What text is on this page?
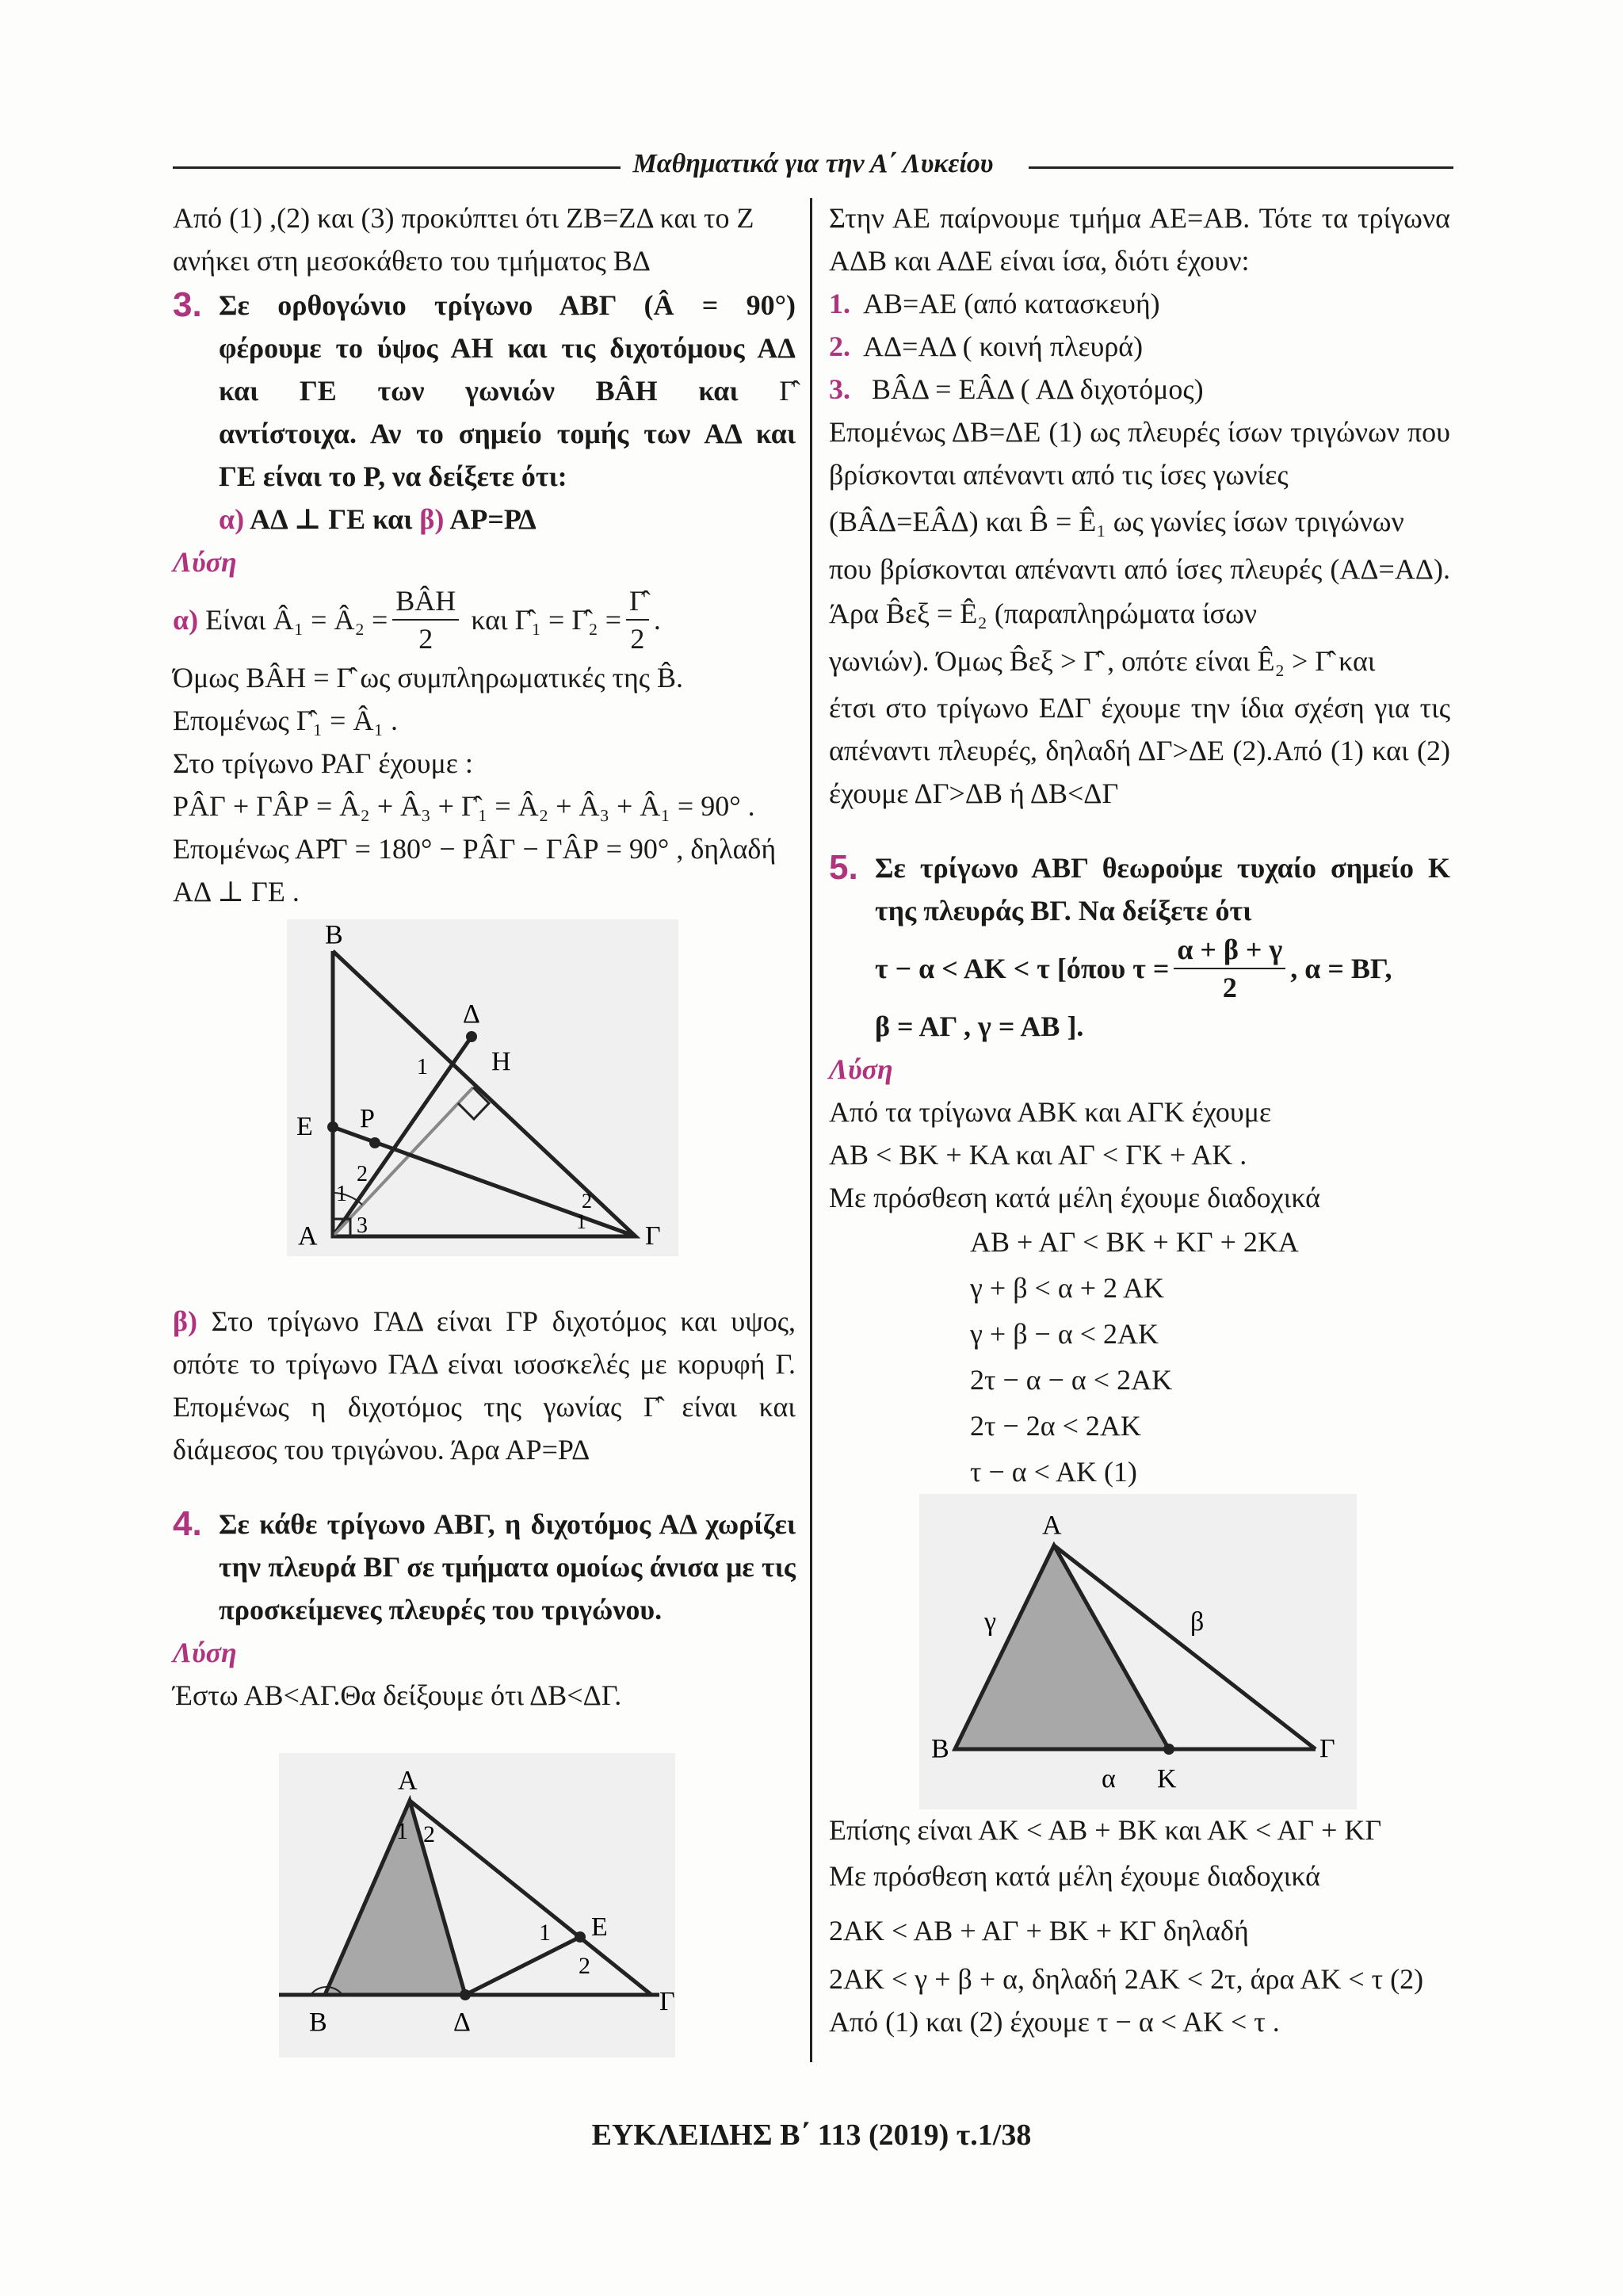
Μαθηματικά για την Α΄ Λυκείου
Από (1) ,(2) και (3) προκύπτει ότι ΖΒ=ΖΔ και το Ζ ανήκει στη μεσοκάθετο του τμήματος ΒΔ
3. Σε ορθογώνιο τρίγωνο ΑΒΓ (Â = 90°)
φέρουμε το ύψος ΑΗ και τις διχοτόμους ΑΔ
και ΓΕ των γωνιών ΒÂΗ και Γ̂
αντίστοιχα. Αν το σημείο τομής των ΑΔ και
ΓΕ είναι το Ρ, να δείξετε ότι:
α) ΑΔ ⊥ ΓΕ και β) ΑΡ=ΡΔ
Λύση
α)
Είναι Â₁ = Â₂ = $\frac{\text{ΒÂΗ}}{2}$
και Γ̂₁ = Γ̂₂ = $\frac{\Gammâ}{2}$ .
Όμως ΒÂΗ = Γ̂ ως συμπληρωματικές της B̂.
Επομένως Γ̂₁ = Â₁ .
Στο τρίγωνο ΡΑΓ έχουμε :
ΡÂΓ + ΓÂΡ = Â₂ + Â₃ + Γ̂₁ = Â₂ + Â₃ + Â₁ = 90° .
Επομένως ΑΡ̂Γ = 180° − ΡÂΓ − ΓÂΡ = 90° , δηλαδή
ΑΔ ⊥ ΓΕ .
Β
Δ
Η
Ε Ρ
Α	Γ
1
2
3	1
2
1
β) Στο τρίγωνο ΓΑΔ είναι ΓΡ διχοτόμος και υψος, οπότε το τρίγωνο ΓΑΔ είναι ισοσκελές με κορυφή Γ. Επομένως η διχοτόμος της γωνίας Γ̂ είναι και διάμεσος του τριγώνου. Άρα ΑΡ=ΡΔ
4. Σε κάθε τρίγωνο ΑΒΓ, η διχοτόμος ΑΔ χωρίζει την πλευρά ΒΓ σε τμήματα ομοίως άνισα με τις προσκείμενες πλευρές του τριγώνου.
Λύση
Έστω ΑΒ<ΑΓ.Θα δείξουμε ότι ΔΒ<ΔΓ.
Α
Β	Δ
Γ
Ε
1 2
1
2
Στην ΑΕ παίρνουμε τμήμα ΑΕ=ΑΒ. Τότε τα τρίγωνα ΑΔΒ και ΑΔΕ είναι ίσα, διότι έχουν:
1. ΑΒ=ΑΕ (από κατασκευή)
2. ΑΔ=ΑΔ ( κοινή πλευρά)
3. ΒÂΔ = ΕÂΔ ( ΑΔ διχοτόμος)
Επομένως ΔΒ=ΔΕ (1) ως πλευρές ίσων τριγώνων που βρίσκονται απέναντι από τις ίσες γωνίες
(ΒÂΔ=ΕÂΔ) και B̂ = Ê₁ ως γωνίες ίσων τριγώνων
που βρίσκονται απέναντι από ίσες πλευρές (ΑΔ=ΑΔ). Άρα B̂εξ = Ê₂ (παραπληρώματα ίσων
γωνιών). Όμως B̂εξ > Γ̂ , οπότε είναι Ê₂ > Γ̂ και
έτσι στο τρίγωνο ΕΔΓ έχουμε την ίδια σχέση για τις απέναντι πλευρές, δηλαδή ΔΓ>ΔΕ (2).Από (1) και (2) έχουμε ΔΓ>ΔΒ ή ΔΒ<ΔΓ
5. Σε τρίγωνο ΑΒΓ θεωρούμε τυχαίο σημείο Κ της πλευράς ΒΓ. Να δείξετε ότι
τ − α < ΑΚ < τ [όπου $\tau = \frac{\alpha + \beta + \gamma}{2}$ , α = ΒΓ,
β = ΑΓ , γ = ΑΒ ].
Λύση
Από τα τρίγωνα ΑΒΚ και ΑΓΚ έχουμε
ΑΒ < ΒΚ + ΚΑ και ΑΓ < ΓΚ + ΑΚ .
Με πρόσθεση κατά μέλη έχουμε διαδοχικά
ΑΒ + ΑΓ < ΒΚ + ΚΓ + 2ΚΑ
γ + β < α + 2 ΑΚ
γ + β − α < 2ΑΚ
2τ − α − α < 2ΑΚ
2τ − 2α < 2ΑΚ
τ − α < ΑΚ (1)
Α
Β	Γ
Κ
γ	β
α
Επίσης είναι ΑΚ < ΑΒ + ΒΚ και ΑΚ < ΑΓ + ΚΓ
Με πρόσθεση κατά μέλη έχουμε διαδοχικά
2ΑΚ < ΑΒ + ΑΓ + ΒΚ + ΚΓ δηλαδή
2ΑΚ < γ + β + α, δηλαδή 2ΑΚ < 2τ, άρα ΑΚ < τ (2)
Από (1) και (2) έχουμε τ − α < ΑΚ < τ .
ΕΥΚΛΕΙΔΗΣ Β΄ 113 (2019) τ.1/38
